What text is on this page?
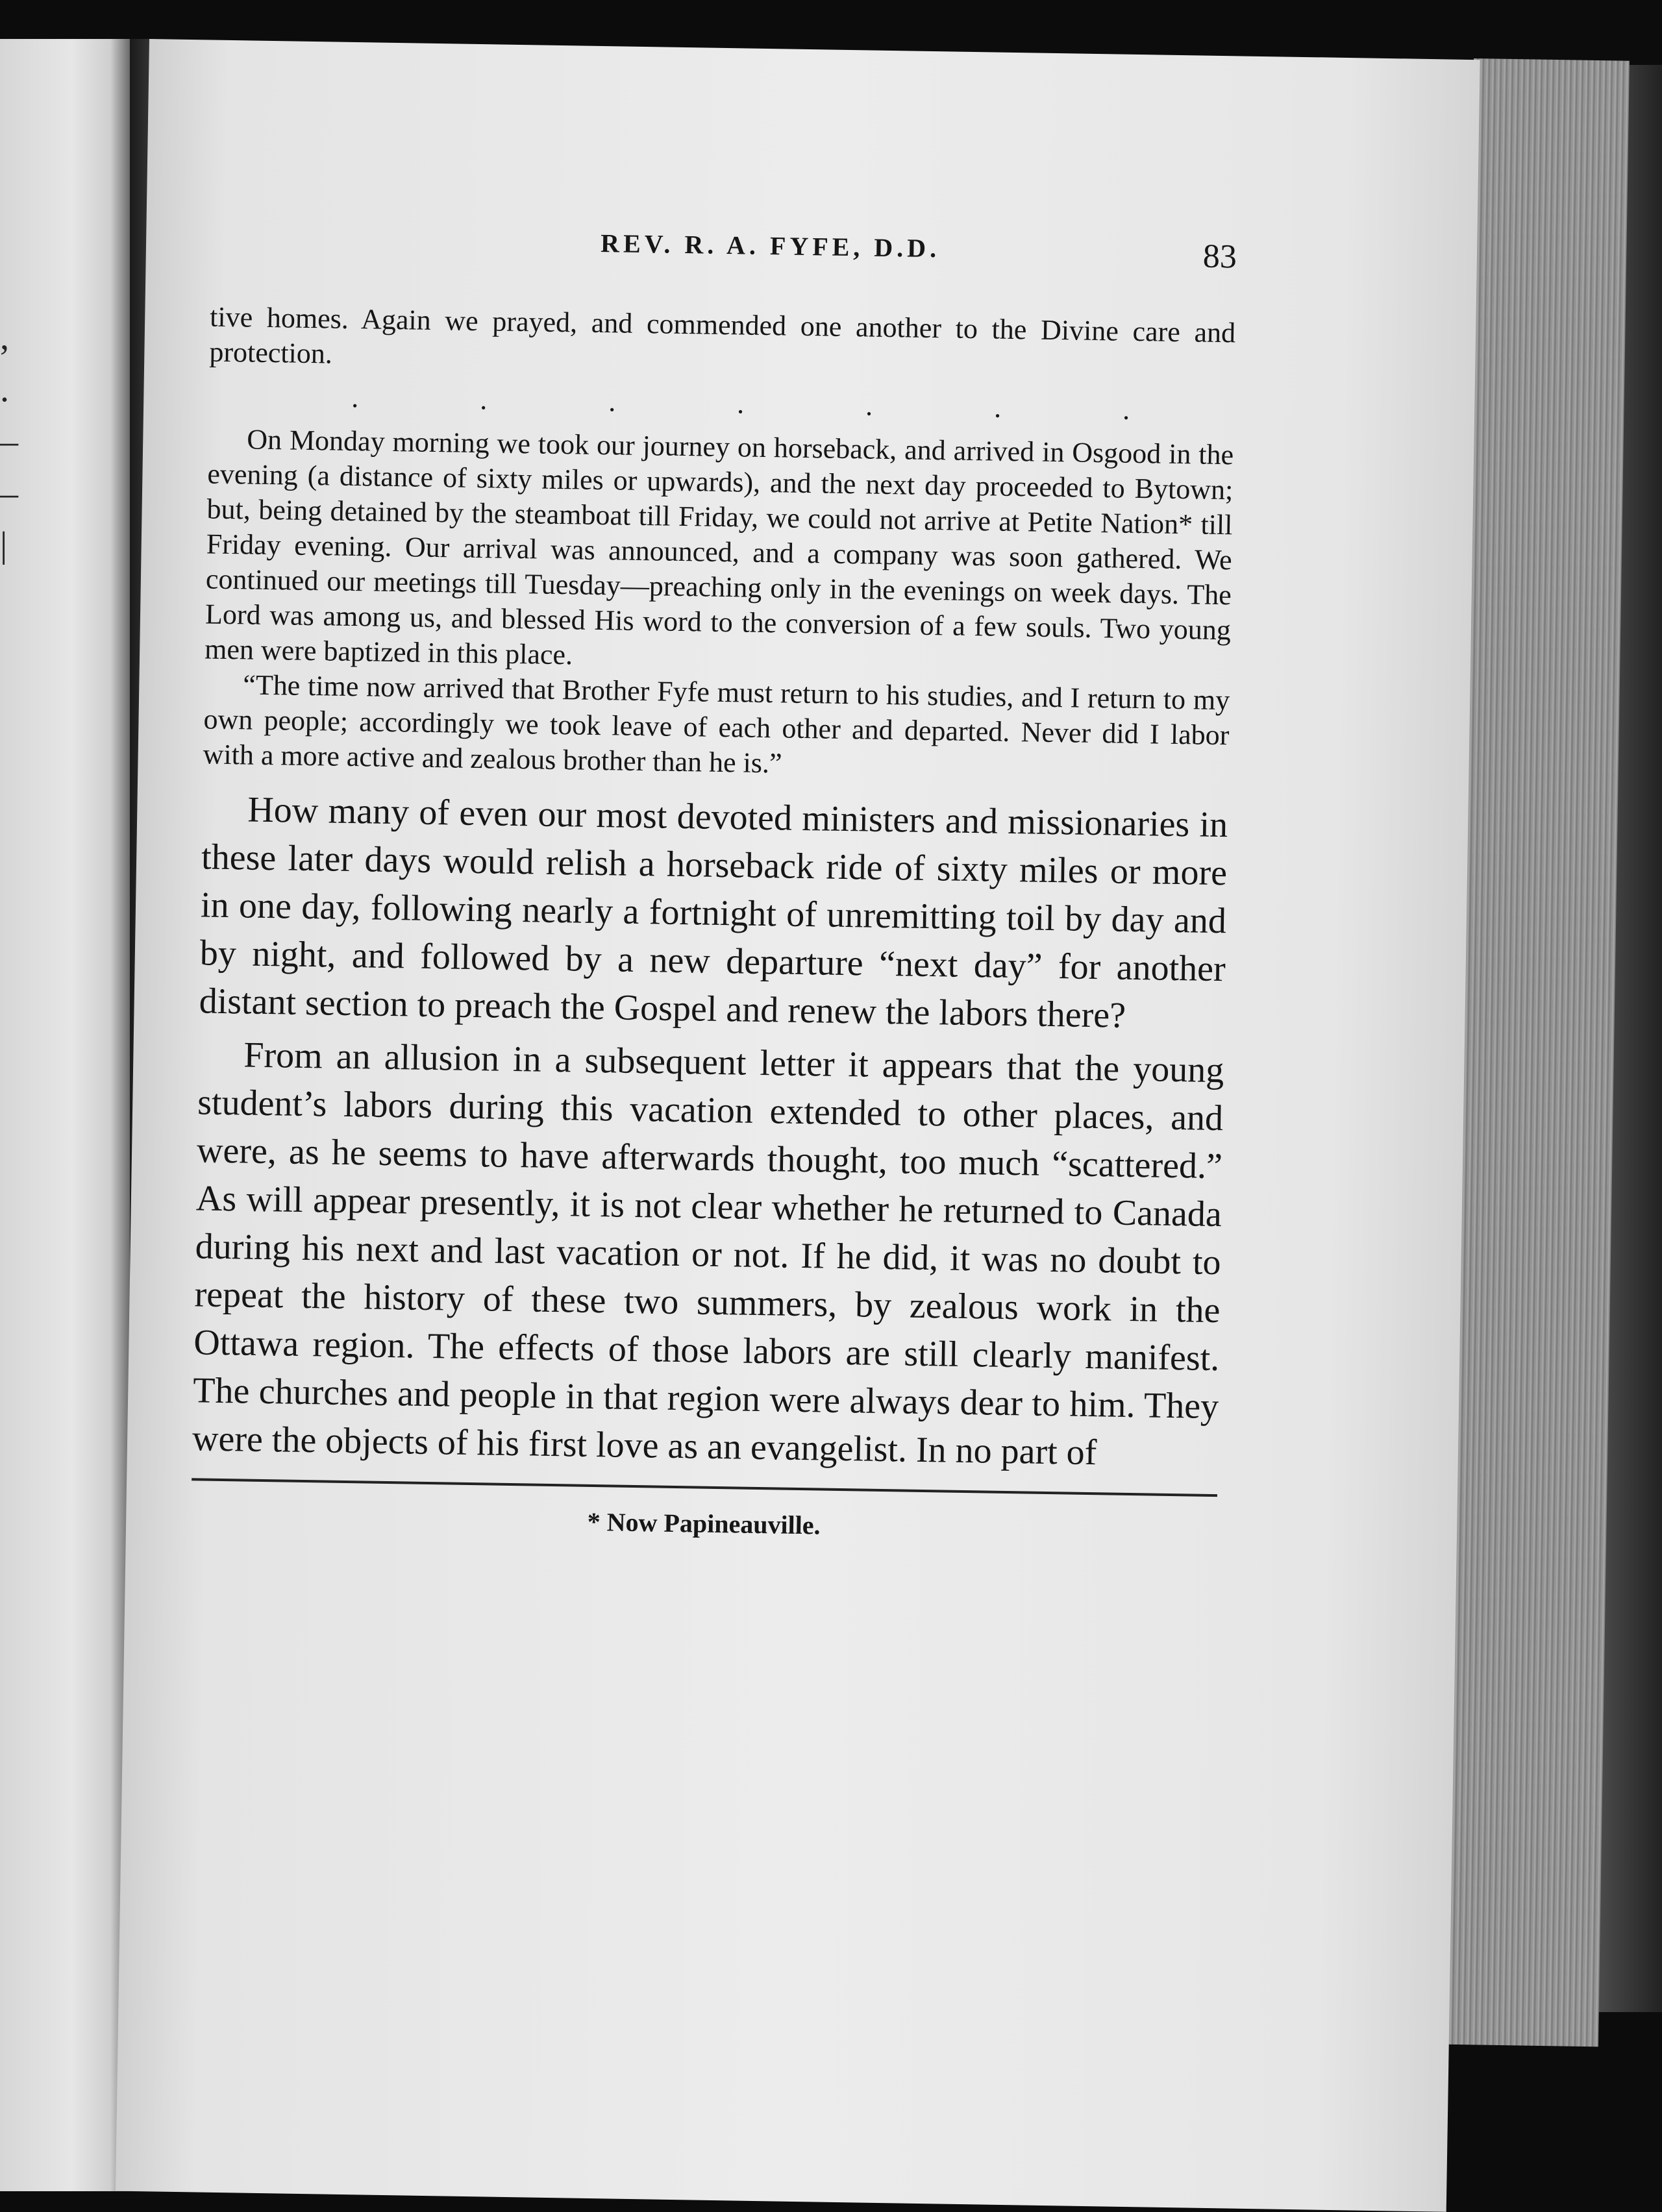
,
.
–
–
|
REV. R. A. FYFE, D.D.	83

tive homes. Again we prayed, and commended one another to the Divine care and protection.

. . . . . . .

On Monday morning we took our journey on horseback, and arrived in Osgood in the evening (a distance of sixty miles or upwards), and the next day proceeded to Bytown; but, being detained by the steamboat till Friday, we could not arrive at Petite Nation* till Friday evening. Our arrival was announced, and a company was soon gathered. We continued our meetings till Tuesday—preaching only in the evenings on week days. The Lord was among us, and blessed His word to the conversion of a few souls. Two young men were baptized in this place.

“The time now arrived that Brother Fyfe must return to his studies, and I return to my own people; accordingly we took leave of each other and departed. Never did I labor with a more active and zealous brother than he is.”

How many of even our most devoted ministers and missionaries in these later days would relish a horseback ride of sixty miles or more in one day, following nearly a fortnight of unremitting toil by day and by night, and followed by a new departure “next day” for another distant section to preach the Gospel and renew the labors there?

From an allusion in a subsequent letter it appears that the young student’s labors during this vacation extended to other places, and were, as he seems to have afterwards thought, too much “scattered.” As will appear presently, it is not clear whether he returned to Canada during his next and last vacation or not. If he did, it was no doubt to repeat the history of these two summers, by zealous work in the Ottawa region. The effects of those labors are still clearly manifest. The churches and people in that region were always dear to him. They were the objects of his first love as an evangelist. In no part of

* Now Papineauville.
